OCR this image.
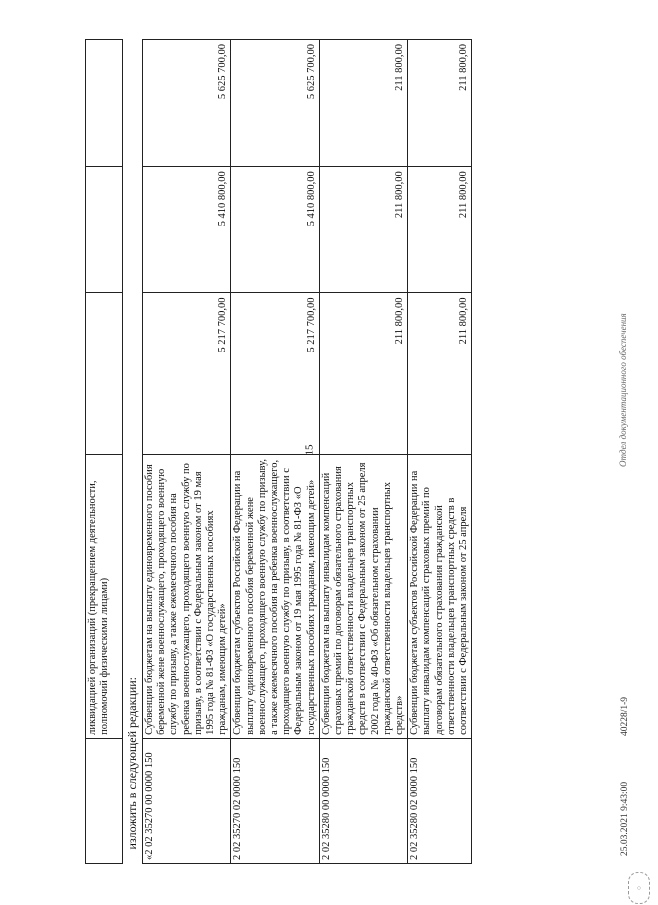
15
	ликвидацией организаций (прекращением деятельности, полномочий физическими лицами)			
изложить в следующей редакции:				
«2 02 35270 00 0000 150	Субвенции бюджетам на выплату единовременного пособия беременной жене военнослужащего, проходящего военную службу по призыву, а также ежемесячного пособия на ребенка военнослужащего, проходящего военную службу по призыву, в соответствии с Федеральным законом от 19 мая 1995 года № 81-ФЗ «О государственных пособиях гражданам, имеющим детей»	5 217 700,00	5 410 800,00	5 625 700,00
2 02 35270 02 0000 150	Субвенции бюджетам субъектов Российской Федерации на выплату единовременного пособия беременной жене военнослужащего, проходящего военную службу по призыву, а также ежемесячного пособия на ребенка военнослужащего, проходящего военную службу по призыву, в соответствии с Федеральным законом от 19 мая 1995 года № 81-ФЗ «О государственных пособиях гражданам, имеющим детей»	5 217 700,00	5 410 800,00	5 625 700,00
2 02 35280 00 0000 150	Субвенции бюджетам на выплату инвалидам компенсаций страховых премий по договорам обязательного страхования гражданской ответственности владельцев транспортных средств в соответствии с Федеральным законом от 25 апреля 2002 года № 40-ФЗ «Об обязательном страховании гражданской ответственности владельцев транспортных средств»	211 800,00	211 800,00	211 800,00
2 02 35280 02 0000 150	Субвенции бюджетам субъектов Российской Федерации на выплату инвалидам компенсаций страховых премий по договорам обязательного страхования гражданской ответственности владельцев транспортных средств в соответствии с Федеральным законом от 25 апреля	211 800,00	211 800,00	211 800,00
○
25.03.2021 9:43:00
40228/1-9
Отдел документационного обеспечения
